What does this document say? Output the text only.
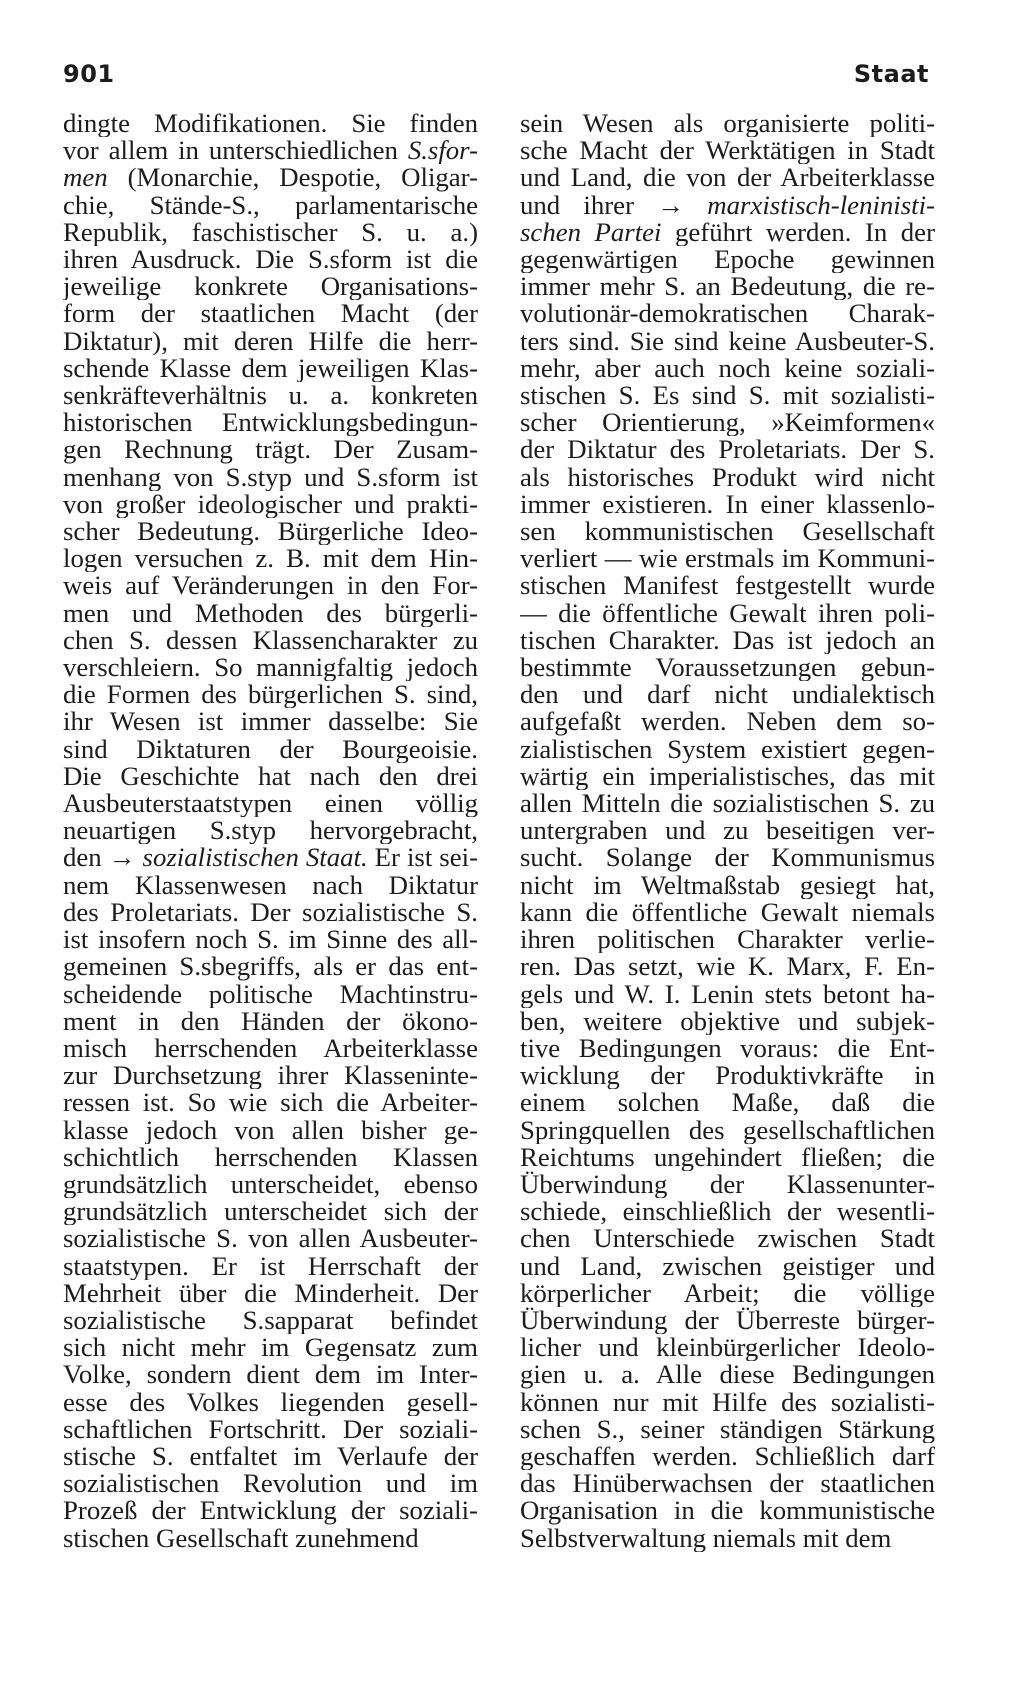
901	Staat

dingte Modifikationen. Sie finden
vor allem in unterschiedlichen S.sfor-
men (Monarchie, Despotie, Oligar-
chie, Stände-S., parlamentarische
Republik, faschistischer S. u. a.)
ihren Ausdruck. Die S.sform ist die
jeweilige konkrete Organisations-
form der staatlichen Macht (der
Diktatur), mit deren Hilfe die herr-
schende Klasse dem jeweiligen Klas-
senkräfteverhältnis u. a. konkreten
historischen Entwicklungsbedingun-
gen Rechnung trägt. Der Zusam-
menhang von S.styp und S.sform ist
von großer ideologischer und prakti-
scher Bedeutung. Bürgerliche Ideo-
logen versuchen z. B. mit dem Hin-
weis auf Veränderungen in den For-
men und Methoden des bürgerli-
chen S. dessen Klassencharakter zu
verschleiern. So mannigfaltig jedoch
die Formen des bürgerlichen S. sind,
ihr Wesen ist immer dasselbe: Sie
sind Diktaturen der Bourgeoisie.
Die Geschichte hat nach den drei
Ausbeuterstaatstypen einen völlig
neuartigen S.styp hervorgebracht,
den → sozialistischen Staat. Er ist sei-
nem Klassenwesen nach Diktatur
des Proletariats. Der sozialistische S.
ist insofern noch S. im Sinne des all-
gemeinen S.sbegriffs, als er das ent-
scheidende politische Machtinstru-
ment in den Händen der ökono-
misch herrschenden Arbeiterklasse
zur Durchsetzung ihrer Klasseninte-
ressen ist. So wie sich die Arbeiter-
klasse jedoch von allen bisher ge-
schichtlich herrschenden Klassen
grundsätzlich unterscheidet, ebenso
grundsätzlich unterscheidet sich der
sozialistische S. von allen Ausbeuter-
staatstypen. Er ist Herrschaft der
Mehrheit über die Minderheit. Der
sozialistische S.sapparat befindet
sich nicht mehr im Gegensatz zum
Volke, sondern dient dem im Inter-
esse des Volkes liegenden gesell-
schaftlichen Fortschritt. Der soziali-
stische S. entfaltet im Verlaufe der
sozialistischen Revolution und im
Prozeß der Entwicklung der soziali-
stischen Gesellschaft zunehmend

sein Wesen als organisierte politi-
sche Macht der Werktätigen in Stadt
und Land, die von der Arbeiterklasse
und ihrer → marxistisch-leninisti-
schen Partei geführt werden. In der
gegenwärtigen Epoche gewinnen
immer mehr S. an Bedeutung, die re-
volutionär-demokratischen Charak-
ters sind. Sie sind keine Ausbeuter-S.
mehr, aber auch noch keine soziali-
stischen S. Es sind S. mit sozialisti-
scher Orientierung, »Keimformen«
der Diktatur des Proletariats. Der S.
als historisches Produkt wird nicht
immer existieren. In einer klassenlo-
sen kommunistischen Gesellschaft
verliert — wie erstmals im Kommuni-
stischen Manifest festgestellt wurde
— die öffentliche Gewalt ihren poli-
tischen Charakter. Das ist jedoch an
bestimmte Voraussetzungen gebun-
den und darf nicht undialektisch
aufgefaßt werden. Neben dem so-
zialistischen System existiert gegen-
wärtig ein imperialistisches, das mit
allen Mitteln die sozialistischen S. zu
untergraben und zu beseitigen ver-
sucht. Solange der Kommunismus
nicht im Weltmaßstab gesiegt hat,
kann die öffentliche Gewalt niemals
ihren politischen Charakter verlie-
ren. Das setzt, wie K. Marx, F. En-
gels und W. I. Lenin stets betont ha-
ben, weitere objektive und subjek-
tive Bedingungen voraus: die Ent-
wicklung der Produktivkräfte in
einem solchen Maße, daß die
Springquellen des gesellschaftlichen
Reichtums ungehindert fließen; die
Überwindung der Klassenunter-
schiede, einschließlich der wesentli-
chen Unterschiede zwischen Stadt
und Land, zwischen geistiger und
körperlicher Arbeit; die völlige
Überwindung der Überreste bürger-
licher und kleinbürgerlicher Ideolo-
gien u. a. Alle diese Bedingungen
können nur mit Hilfe des sozialisti-
schen S., seiner ständigen Stärkung
geschaffen werden. Schließlich darf
das Hinüberwachsen der staatlichen
Organisation in die kommunistische
Selbstverwaltung niemals mit dem
